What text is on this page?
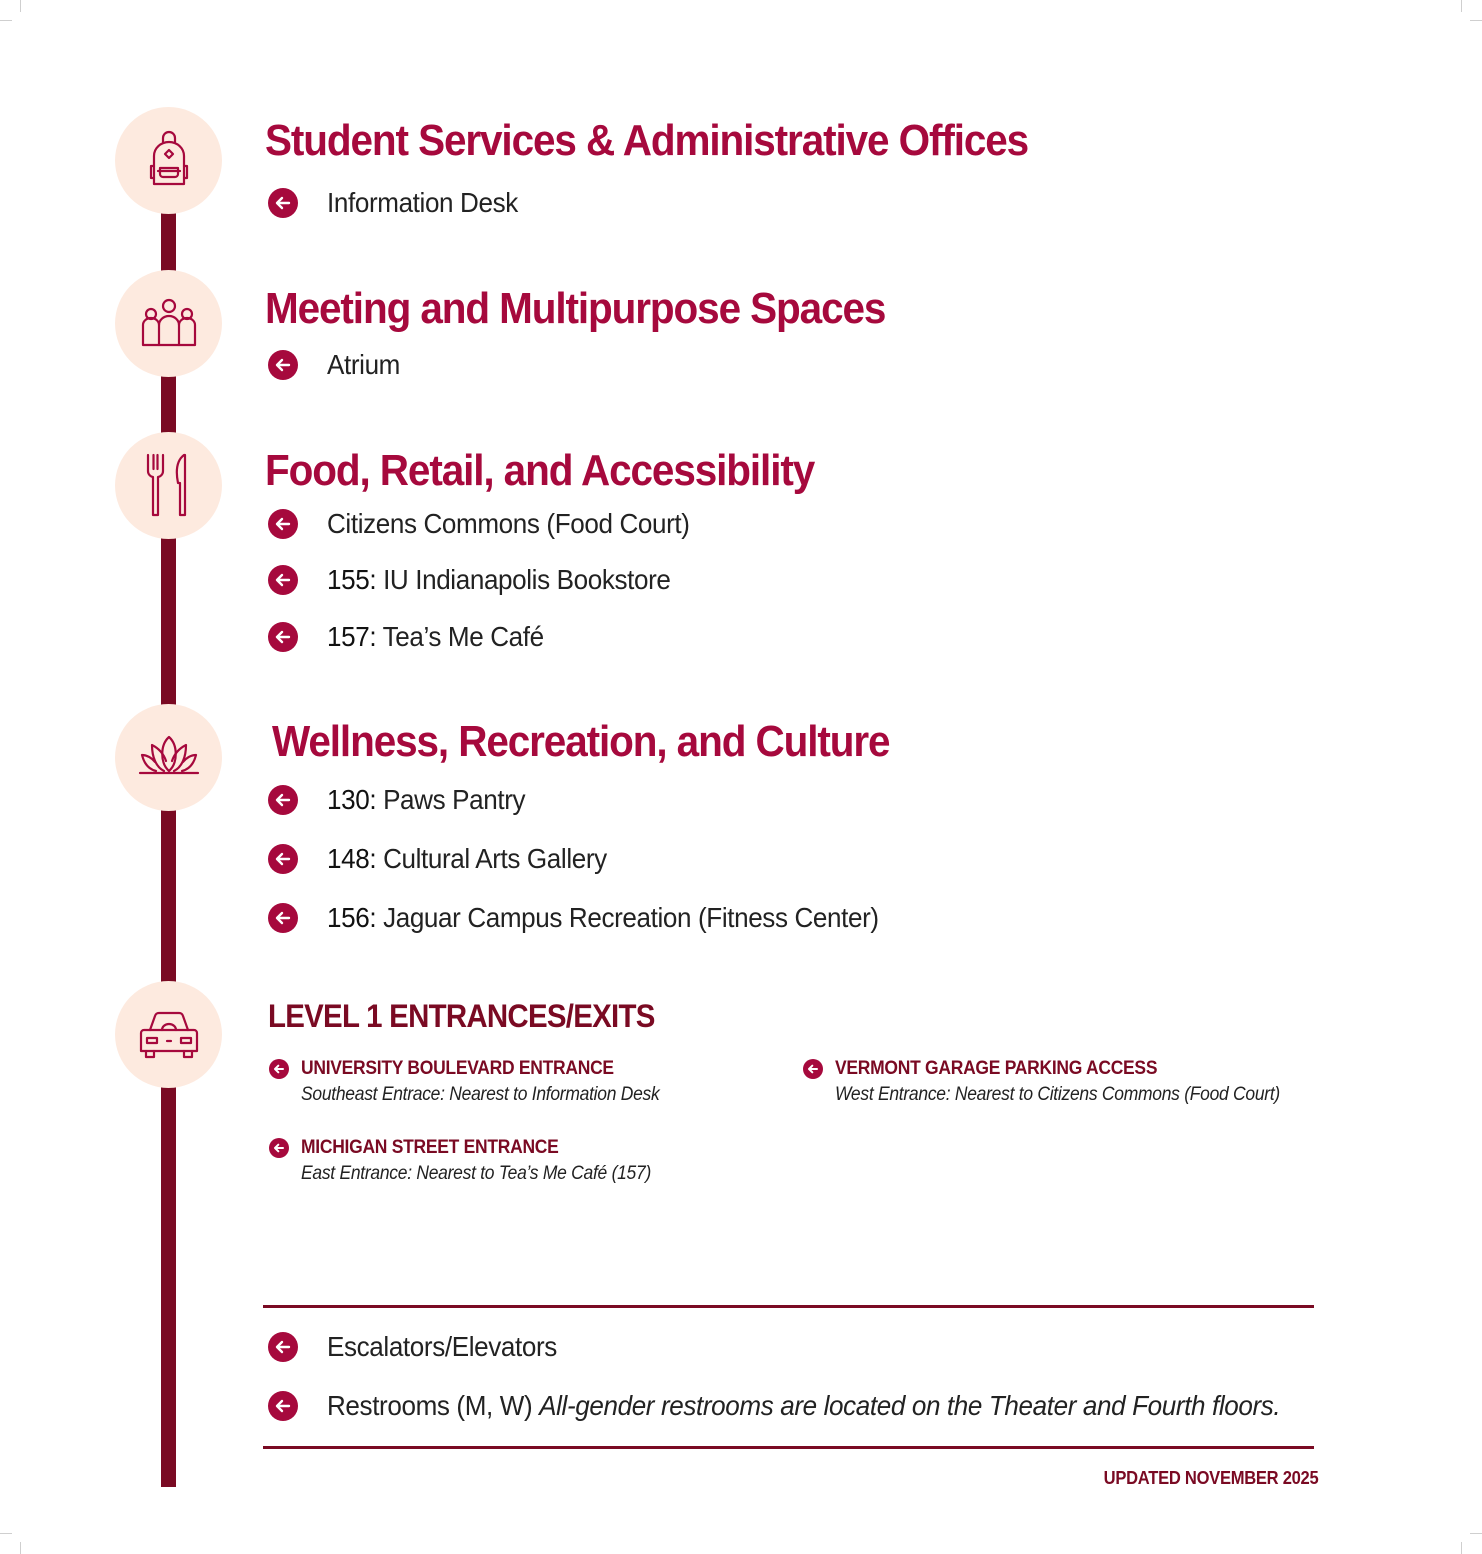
Student Services & Administrative Offices
Information Desk
Meeting and Multipurpose Spaces
Atrium
Food, Retail, and Accessibility
Citizens Commons (Food Court)
155: IU Indianapolis Bookstore
157: Tea’s Me Café
Wellness, Recreation, and Culture
130: Paws Pantry
148: Cultural Arts Gallery
156: Jaguar Campus Recreation (Fitness Center)
LEVEL 1 ENTRANCES/EXITS
UNIVERSITY BOULEVARD ENTRANCE
Southeast Entrace: Nearest to Information Desk
VERMONT GARAGE PARKING ACCESS
West Entrance: Nearest to Citizens Commons (Food Court)
MICHIGAN STREET ENTRANCE
East Entrance: Nearest to Tea’s Me Café (157)
Escalators/Elevators
Restrooms (M, W) All-gender restrooms are located on the Theater and Fourth floors.
UPDATED NOVEMBER 2025
